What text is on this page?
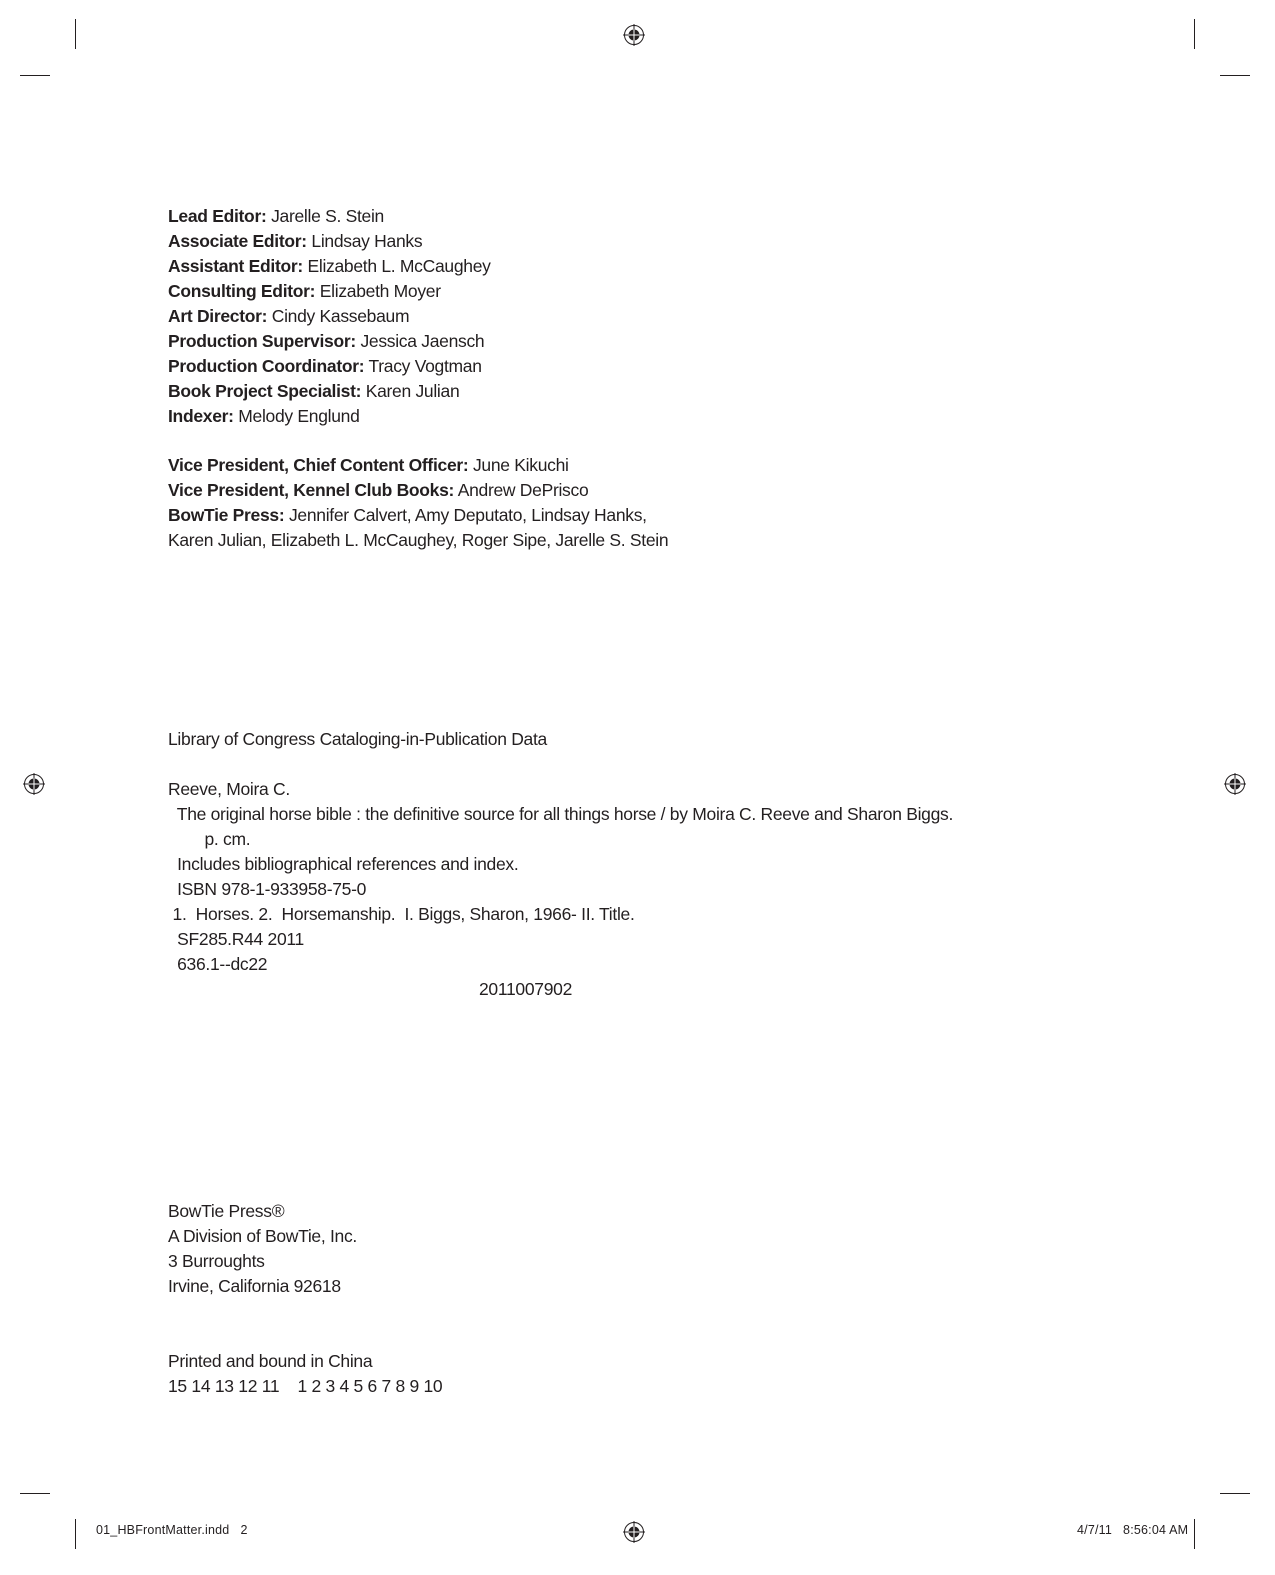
Lead Editor: Jarelle S. Stein
Associate Editor: Lindsay Hanks
Assistant Editor: Elizabeth L. McCaughey
Consulting Editor: Elizabeth Moyer
Art Director: Cindy Kassebaum
Production Supervisor: Jessica Jaensch
Production Coordinator: Tracy Vogtman
Book Project Specialist: Karen Julian
Indexer: Melody Englund
Vice President, Chief Content Officer: June Kikuchi
Vice President, Kennel Club Books: Andrew DePrisco
BowTie Press: Jennifer Calvert, Amy Deputato, Lindsay Hanks,
Karen Julian, Elizabeth L. McCaughey, Roger Sipe, Jarelle S. Stein
Library of Congress Cataloging-in-Publication Data
Reeve, Moira C.
The original horse bible : the definitive source for all things horse / by Moira C. Reeve and Sharon Biggs.
p. cm.
Includes bibliographical references and index.
ISBN 978-1-933958-75-0
1.  Horses. 2.  Horsemanship.  I. Biggs, Sharon, 1966- II. Title.
SF285.R44 2011
636.1--dc22
2011007902
BowTie Press®
A Division of BowTie, Inc.
3 Burroughts
Irvine, California 92618
Printed and bound in China
15 14 13 12 11    1 2 3 4 5 6 7 8 9 10
01_HBFrontMatter.indd   2	4/7/11   8:56:04 AM
